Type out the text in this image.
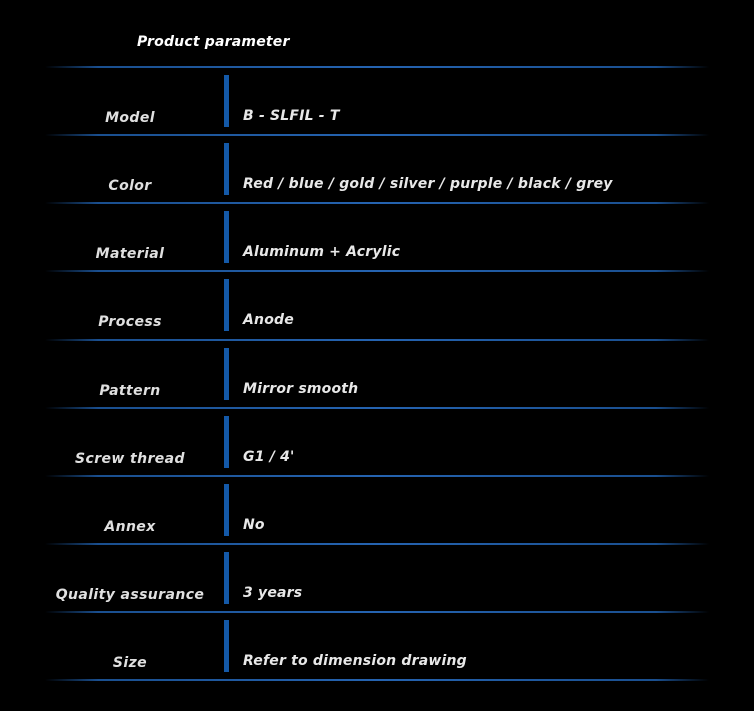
Product parameter
Model	B - SLFIL - T
Color	Red / blue / gold / silver / purple / black / grey
Material	Aluminum + Acrylic
Process	Anode
Pattern	Mirror smooth
Screw thread	G1 / 4'
Annex	No
Quality assurance	3 years
Size	Refer to dimension drawing
